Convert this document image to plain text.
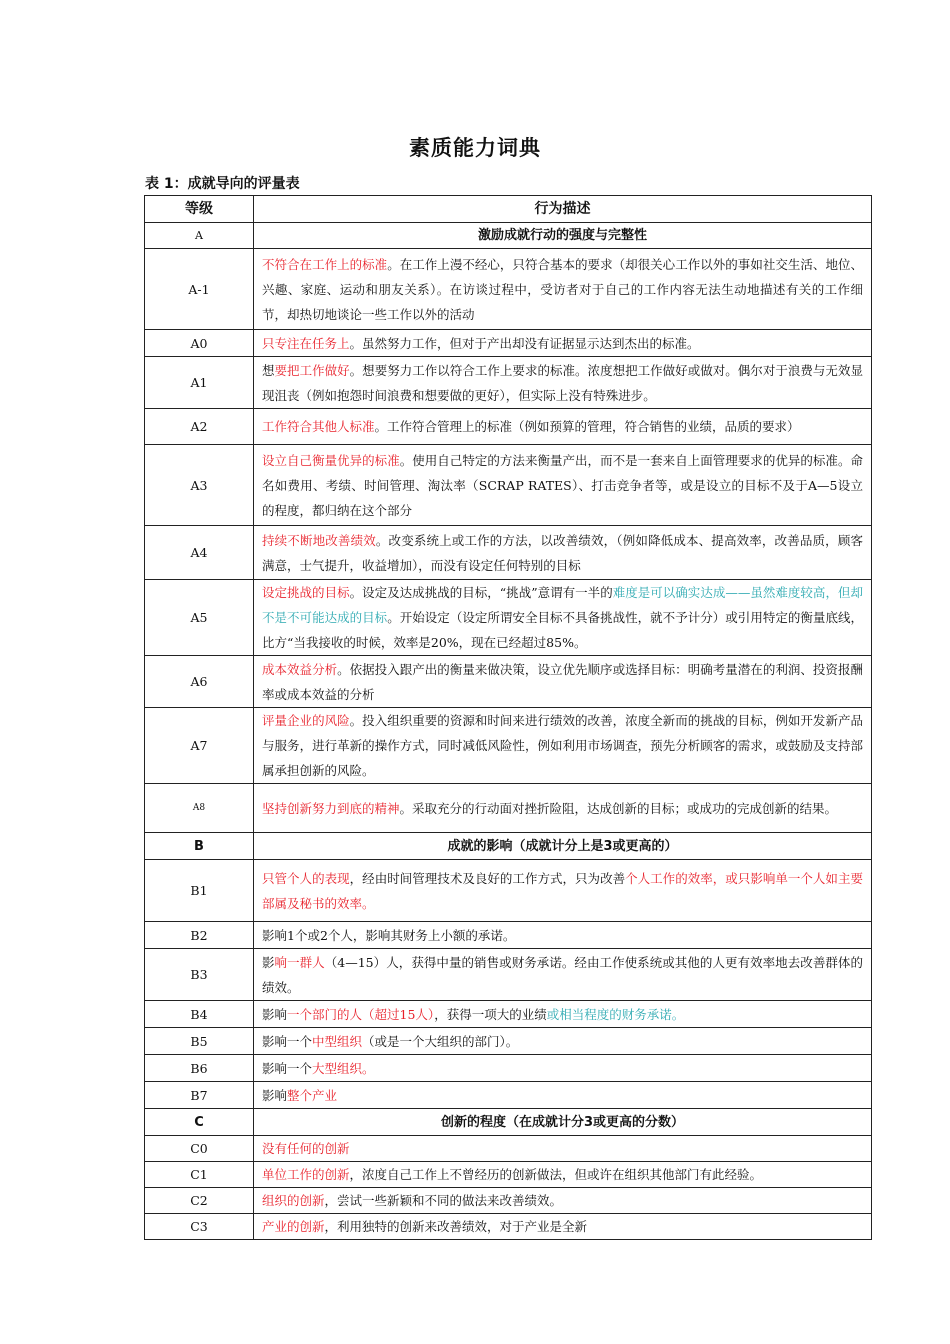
素质能力词典
表 1：成就导向的评量表
等级	行为描述
A	激励成就行动的强度与完整性
A-1	不符合在工作上的标准。在工作上漫不经心，只符合基本的要求（却很关心工作以外的事如社交生活、地位、兴趣、家庭、运动和朋友关系）。在访谈过程中，受访者对于自己的工作内容无法生动地描述有关的工作细节，却热切地谈论一些工作以外的活动
A0	只专注在任务上。虽然努力工作，但对于产出却没有证据显示达到杰出的标准。
A1	想要把工作做好。想要努力工作以符合工作上要求的标准。浓度想把工作做好或做对。偶尔对于浪费与无效显现沮丧（例如抱怨时间浪费和想要做的更好），但实际上没有特殊进步。
A2	工作符合其他人标准。工作符合管理上的标准（例如预算的管理，符合销售的业绩，品质的要求）
A3	设立自己衡量优异的标准。使用自己特定的方法来衡量产出，而不是一套来自上面管理要求的优异的标准。命名如费用、考绩、时间管理、淘汰率（SCRAP RATES）、打击竞争者等，或是设立的目标不及于A—5设立的程度，都归纳在这个部分
A4	持续不断地改善绩效。改变系统上或工作的方法，以改善绩效，（例如降低成本、提高效率，改善品质，顾客满意，士气提升，收益增加），而没有设定任何特别的目标
A5	设定挑战的目标。设定及达成挑战的目标，“挑战”意谓有一半的难度是可以确实达成——虽然难度较高，但却不是不可能达成的目标。开始设定（设定所谓安全目标不具备挑战性，就不予计分）或引用特定的衡量底线，比方“当我接收的时候，效率是20%，现在已经超过85%。
A6	成本效益分析。依据投入跟产出的衡量来做决策，设立优先顺序或选择目标：明确考量潜在的利润、投资报酬率或成本效益的分析
A7	评量企业的风险。投入组织重要的资源和时间来进行绩效的改善，浓度全新而的挑战的目标，例如开发新产品与服务，进行革新的操作方式，同时减低风险性，例如利用市场调查，预先分析顾客的需求，或鼓励及支持部属承担创新的风险。
A8	坚持创新努力到底的精神。采取充分的行动面对挫折险阻，达成创新的目标；或成功的完成创新的结果。
B	成就的影响（成就计分上是3或更高的）
B1	只管个人的表现，经由时间管理技术及良好的工作方式，只为改善个人工作的效率，或只影响单一个人如主要部属及秘书的效率。
B2	影响1个或2个人，影响其财务上小额的承诺。
B3	影响一群人（4—15）人，获得中量的销售或财务承诺。经由工作使系统或其他的人更有效率地去改善群体的绩效。
B4	影响一个部门的人（超过15人），获得一项大的业绩或相当程度的财务承诺。
B5	影响一个中型组织（或是一个大组织的部门）。
B6	影响一个大型组织。
B7	影响整个产业
C	创新的程度（在成就计分3或更高的分数）
C0	没有任何的创新
C1	单位工作的创新，浓度自己工作上不曾经历的创新做法，但或许在组织其他部门有此经验。
C2	组织的创新，尝试一些新颖和不同的做法来改善绩效。
C3	产业的创新，利用独特的创新来改善绩效，对于产业是全新
